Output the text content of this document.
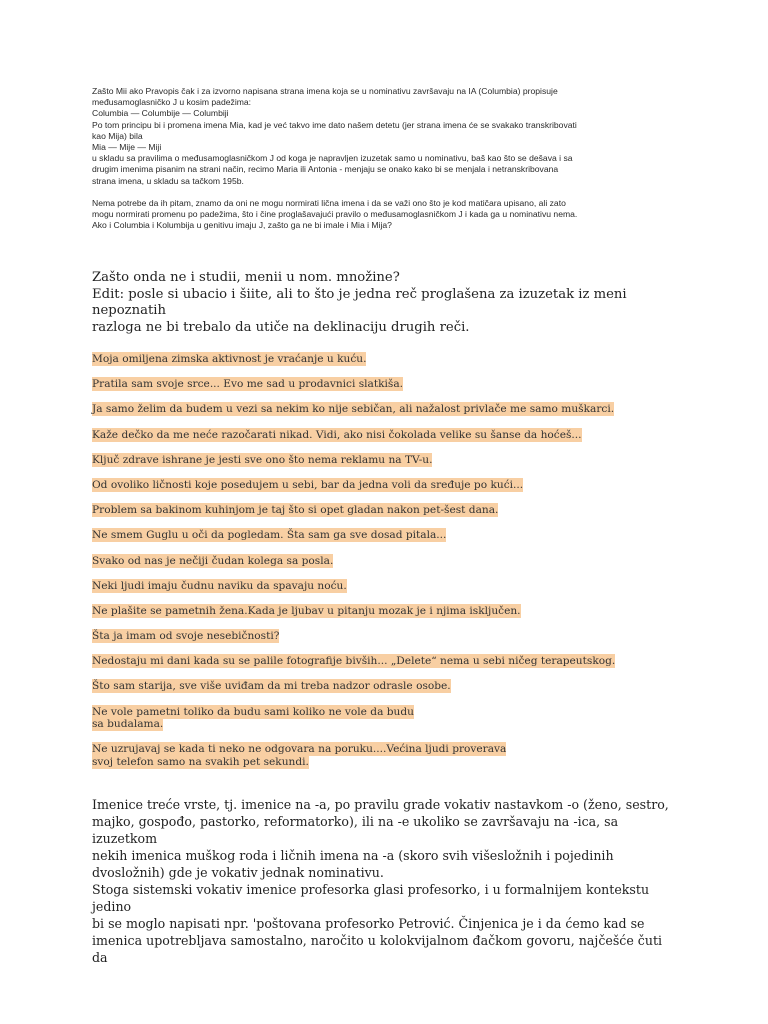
Zašto Mii ako Pravopis čak i za izvorno napisana strana imena koja se u nominativu završavaju na IA (Columbia) propisuje

međusamoglasničko J u kosim padežima:

Columbia — Columbije — Columbiji

Po tom principu bi i promena imena Mia, kad je već takvo ime dato našem detetu (jer strana imena će se svakako transkribovati

kao Mija) bila

Mia — Mije — Miji

u skladu sa pravilima o međusamoglasničkom J od koga je napravljen izuzetak samo u nominativu, baš kao što se dešava i sa

drugim imenima pisanim na strani način, recimo Maria ili Antonia - menjaju se onako kako bi se menjala i netranskribovana

strana imena, u skladu sa tačkom 195b.

Nema potrebe da ih pitam, znamo da oni ne mogu normirati lična imena i da se važi ono što je kod matičara upisano, ali zato

mogu normirati promenu po padežima, što i čine proglašavajući pravilo o međusamoglasničkom J i kada ga u nominativu nema.

Ako i Columbia i Kolumbija u genitivu imaju J, zašto ga ne bi imale i Mia i Mija?

Zašto onda ne i studii, menii u nom. množine?

Edit: posle si ubacio i šiite, ali to što je jedna reč proglašena za izuzetak iz meni nepoznatih

razloga ne bi trebalo da utiče na deklinaciju drugih reči.

Moja omiljena zimska aktivnost je vraćanje u kuću.

Pratila sam svoje srce... Evo me sad u prodavnici slatkiša.

Ja samo želim da budem u vezi sa nekim ko nije sebičan, ali nažalost privlače me samo muškarci.

Kaže dečko da me neće razočarati nikad. Vidi, ako nisi čokolada velike su šanse da hoćeš...

Ključ zdrave ishrane je jesti sve ono što nema reklamu na TV-u.

Od ovoliko ličnosti koje posedujem u sebi, bar da jedna voli da sređuje po kući...

Problem sa bakinom kuhinjom je taj što si opet gladan nakon pet-šest dana.

Ne smem Guglu u oči da pogledam. Šta sam ga sve dosad pitala...

Svako od nas je nečiji čudan kolega sa posla.

Neki ljudi imaju čudnu naviku da spavaju noću.

Ne plašite se pametnih žena.Kada je ljubav u pitanju mozak je i njima isključen.

Šta ja imam od svoje nesebičnosti?

Nedostaju mi dani kada su se palile fotografije bivših... „Delete“ nema u sebi ničeg terapeutskog.

Što sam starija, sve više uviđam da mi treba nadzor odrasle osobe.

Ne vole pametni toliko da budu sami koliko ne vole da budu
sa budalama.

Ne uzrujavaj se kada ti neko ne odgovara na poruku....Većina ljudi proverava
svoj telefon samo na svakih pet sekundi.

Imenice treće vrste, tj. imenice na -a, po pravilu grade vokativ nastavkom -o (ženo, sestro,

majko, gospođo, pastorko, reformatorko), ili na -e ukoliko se završavaju na -ica, sa izuzetkom

nekih imenica muškog roda i ličnih imena na -a (skoro svih višesložnih i pojedinih

dvosložnih) gde je vokativ jednak nominativu.

Stoga sistemski vokativ imenice profesorka glasi profesorko, i u formalnijem kontekstu jedino

bi se moglo napisati npr. 'poštovana profesorko Petrović. Činjenica je i da ćemo kad se

imenica upotrebljava samostalno, naročito u kolokvijalnom đačkom govoru, najčešće čuti da
